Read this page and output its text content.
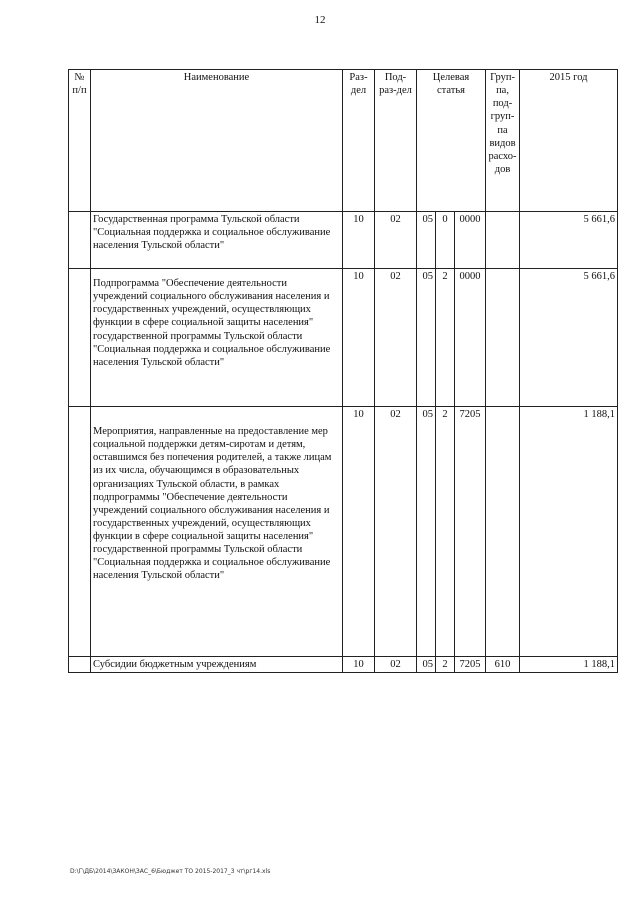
12
№ п/п	Наименование	Раз-дел	Под-раз-дел	Целевая статья			Груп-па, под-груп-па видов расхо-дов	2015 год
	Государственная программа Тульской области "Социальная поддержка и социальное обслуживание населения Тульской области"	10	02	05	0	0000		5 661,6
	Подпрограмма "Обеспечение деятельности учреждений социального обслуживания населения и государственных учреждений, осуществляющих функции в сфере социальной защиты населения" государственной программы Тульской области "Социальная поддержка и социальное обслуживание населения Тульской области"	10	02	05	2	0000		5 661,6
	Мероприятия, направленные на предоставление мер социальной поддержки детям-сиротам и детям, оставшимся без попечения родителей, а также лицам из их числа, обучающимся в образовательных организациях Тульской области, в рамках подпрограммы "Обеспечение деятельности учреждений социального обслуживания населения и государственных учреждений, осуществляющих функции в сфере социальной защиты населения" государственной программы Тульской области "Социальная поддержка и социальное обслуживание населения Тульской области"	10	02	05	2	7205		1 188,1
	Субсидии бюджетным учреждениям	10	02	05	2	7205	610	1 188,1
D:\Г\ДБ\2014\ЗАКОН\ЗАС_6\Бюджет ТО 2015-2017_3 чт\рг14.xls
